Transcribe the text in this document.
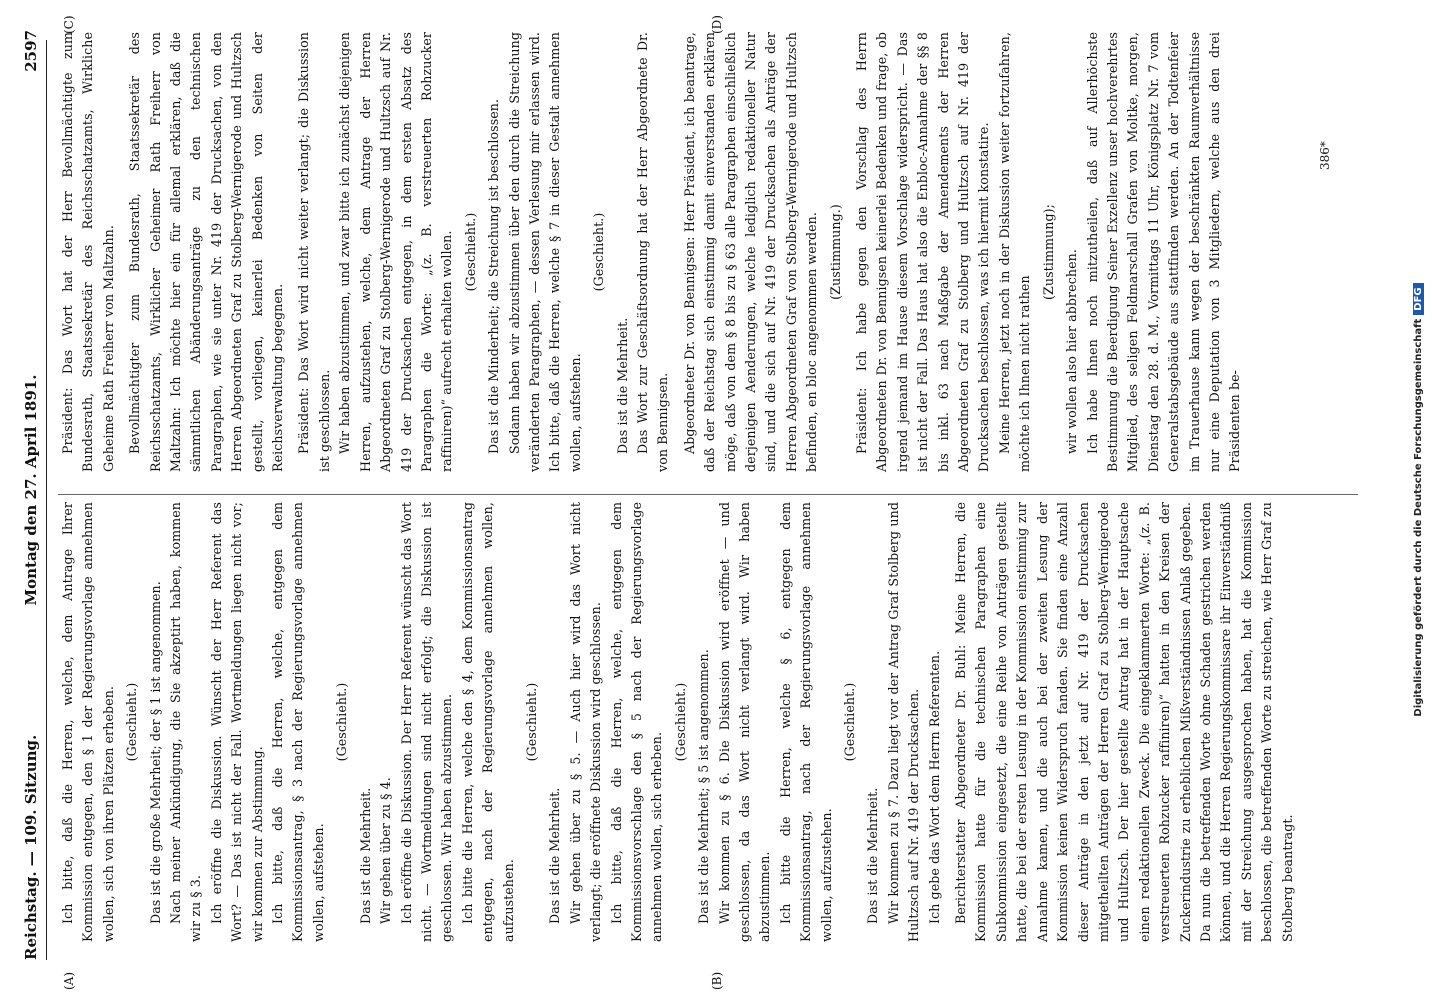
Reichstag. — 109. Sitzung.
Montag den 27. April 1891.
2597
(A)	(B)
(C)	(D)

Ich bitte, daß die Herren, welche, dem Antrage Ihrer Kommission entgegen, den § 1 der Regierungsvorlage annehmen wollen, sich von ihren Plätzen erheben. (Geschieht.) Das ist die große Mehrheit; der § 1 ist angenommen. Nach meiner Ankündigung, die Sie akzeptirt haben, kommen wir zu § 3. Ich eröffne die Diskussion. Wünscht der Herr Referent das Wort? — Das ist nicht der Fall. Wortmeldungen liegen nicht vor; wir kommen zur Abstimmung. Ich bitte, daß die Herren, welche, entgegen dem Kommissionsantrag, § 3 nach der Regierungsvorlage annehmen wollen, aufstehen.

(Geschieht.)

Das ist die Mehrheit. Wir gehen über zu § 4. Ich eröffne die Diskussion. Der Herr Referent wünscht das Wort nicht. — Wortmeldungen sind nicht erfolgt; die Diskussion ist geschlossen. Wir haben abzustimmen. Ich bitte die Herren, welche den § 4, dem Kommissionsantrag entgegen, nach der Regierungsvorlage annehmen wollen, aufzustehen.

(Geschieht.)

Das ist die Mehrheit. Wir gehen über zu § 5. — Auch hier wird das Wort nicht verlangt; die eröffnete Diskussion wird geschlossen. Ich bitte, daß die Herren, welche, entgegen dem Kommissionsvorschlage den § 5 nach der Regierungsvorlage annehmen wollen, sich erheben.

(Geschieht.) Das ist die Mehrheit; § 5 ist angenommen. Wir kommen zu § 6. Die Diskussion wird eröffnet — und geschlossen, da das Wort nicht verlangt wird. Wir haben abzustimmen. Ich bitte die Herren, welche § 6, entgegen dem Kommissionsantrag, nach der Regierungsvorlage annehmen wollen, aufzustehen.

(Geschieht.)

Das ist die Mehrheit. Wir kommen zu § 7. Dazu liegt vor der Antrag Graf Stolberg und Hultzsch auf Nr. 419 der Drucksachen. Ich gebe das Wort dem Herrn Referenten. Berichterstatter Abgeordneter Dr. Buhl: Meine Herren, die Kommission hatte für die technischen Paragraphen eine Subkommission eingesetzt, die eine Reihe von Anträgen gestellt hatte, die bei der ersten Lesung in der Kommission einstimmig zur Annahme kamen, und die auch bei der zweiten Lesung der Kommission keinen Widerspruch fanden. Sie finden eine Anzahl dieser Anträge in den jetzt auf Nr. 419 der Drucksachen mitgetheilten Anträgen der Herren Graf zu Stolberg-Wernigerode und Hultzsch. Der hier gestellte Antrag hat in der Hauptsache einen redaktionellen Zweck. Die eingeklammerten Worte: „(z. B. verstreuerten Rohzucker raffiniren)“ hatten in den Kreisen der Zuckerindustrie zu erheblichen Mißverständnissen Anlaß gegeben. Da nun die betreffenden Worte ohne Schaden gestrichen werden können, und die Herren Regierungskommissare ihr Einverständniß mit der Streichung ausgesprochen haben, hat die Kommission beschlossen, die betreffenden Worte zu streichen, wie Herr Graf zu Stolberg beantragt.

Präsident: Das Wort hat der Herr Bevollmächtigte zum Bundesrath, Staatssekretär des Reichsschatzamts, Wirkliche Geheime Rath Freiherr von Maltzahn. Bevollmächtigter zum Bundesrath, Staatssekretär des Reichsschatzamts, Wirklicher Geheimer Rath Freiherr von Maltzahn: Ich möchte hier ein für allemal erklären, daß die sämmtlichen Abänderungsanträge zu den technischen Paragraphen, wie sie unter Nr. 419 der Drucksachen, von den Herren Abgeordneten Graf zu Stolberg-Wernigerode und Hultzsch gestellt, vorliegen, keinerlei Bedenken von Seiten der Reichsverwaltung begegnen. Präsident: Das Wort wird nicht weiter verlangt; die Diskussion ist geschlossen. Wir haben abzustimmen, und zwar bitte ich zunächst diejenigen Herren, aufzustehen, welche, dem Antrage der Herren Abgeordneten Graf zu Stolberg-Wernigerode und Hultzsch auf Nr. 419 der Drucksachen entgegen, in dem ersten Absatz des Paragraphen die Worte: „(z. B. verstreuerten Rohzucker raffiniren)“ aufrecht erhalten wollen. (Geschieht.) Das ist die Minderheit; die Streichung ist beschlossen. Sodann haben wir abzustimmen über den durch die Streichung veränderten Paragraphen, — dessen Verlesung mir erlassen wird. Ich bitte, daß die Herren, welche § 7 in dieser Gestalt annehmen wollen, aufstehen.

(Geschieht.)

Das ist die Mehrheit. Das Wort zur Geschäftsordnung hat der Herr Abgeordnete Dr. von Bennigsen. Abgeordneter Dr. von Bennigsen: Herr Präsident, ich beantrage, daß der Reichstag sich einstimmig damit einverstanden erklären möge, daß von dem § 8 bis zu § 63 alle Paragraphen einschließlich derjenigen Aenderungen, welche lediglich redaktioneller Natur sind, und die sich auf Nr. 419 der Drucksachen als Anträge der Herren Abgeordneten Graf von Stolberg-Wernigerode und Hultzsch befinden, en bloc angenommen werden. (Zustimmung.) Präsident: Ich habe gegen den Vorschlag des Herrn Abgeordneten Dr. von Bennigsen keinerlei Bedenken und frage, ob irgend jemand im Hause diesem Vorschlage widerspricht. — Das ist nicht der Fall. Das Haus hat also die Enbloc-Annahme der §§ 8 bis inkl. 63 nach Maßgabe der Amendements der Herren Abgeordneten Graf zu Stolberg und Hultzsch auf Nr. 419 der Drucksachen beschlossen, was ich hiermit konstatire. Meine Herren, jetzt noch in der Diskussion weiter fortzufahren, möchte ich Ihnen nicht rathen

(Zustimmung); wir wollen also hier abbrechen. Ich habe Ihnen noch mitzutheilen, daß auf Allerhöchste Bestimmung die Beerdigung Seiner Exzellenz unser hochverehrtes Mitglied, des seligen Feldmarschall Grafen von Moltke, morgen, Dienstag den 28. d. M., Vormittags 11 Uhr, Königsplatz Nr. 7 vom Generalstabsgebäude aus stattfinden werden. An der Todtenfeier im Trauerhause kann wegen der beschränkten Raumverhältnisse nur eine Deputation von 3 Mitgliedern, welche aus den drei Präsidenten be-

386*
Digitalisierung gefördert durch die Deutsche ForschungsgemeinschaftDFG
